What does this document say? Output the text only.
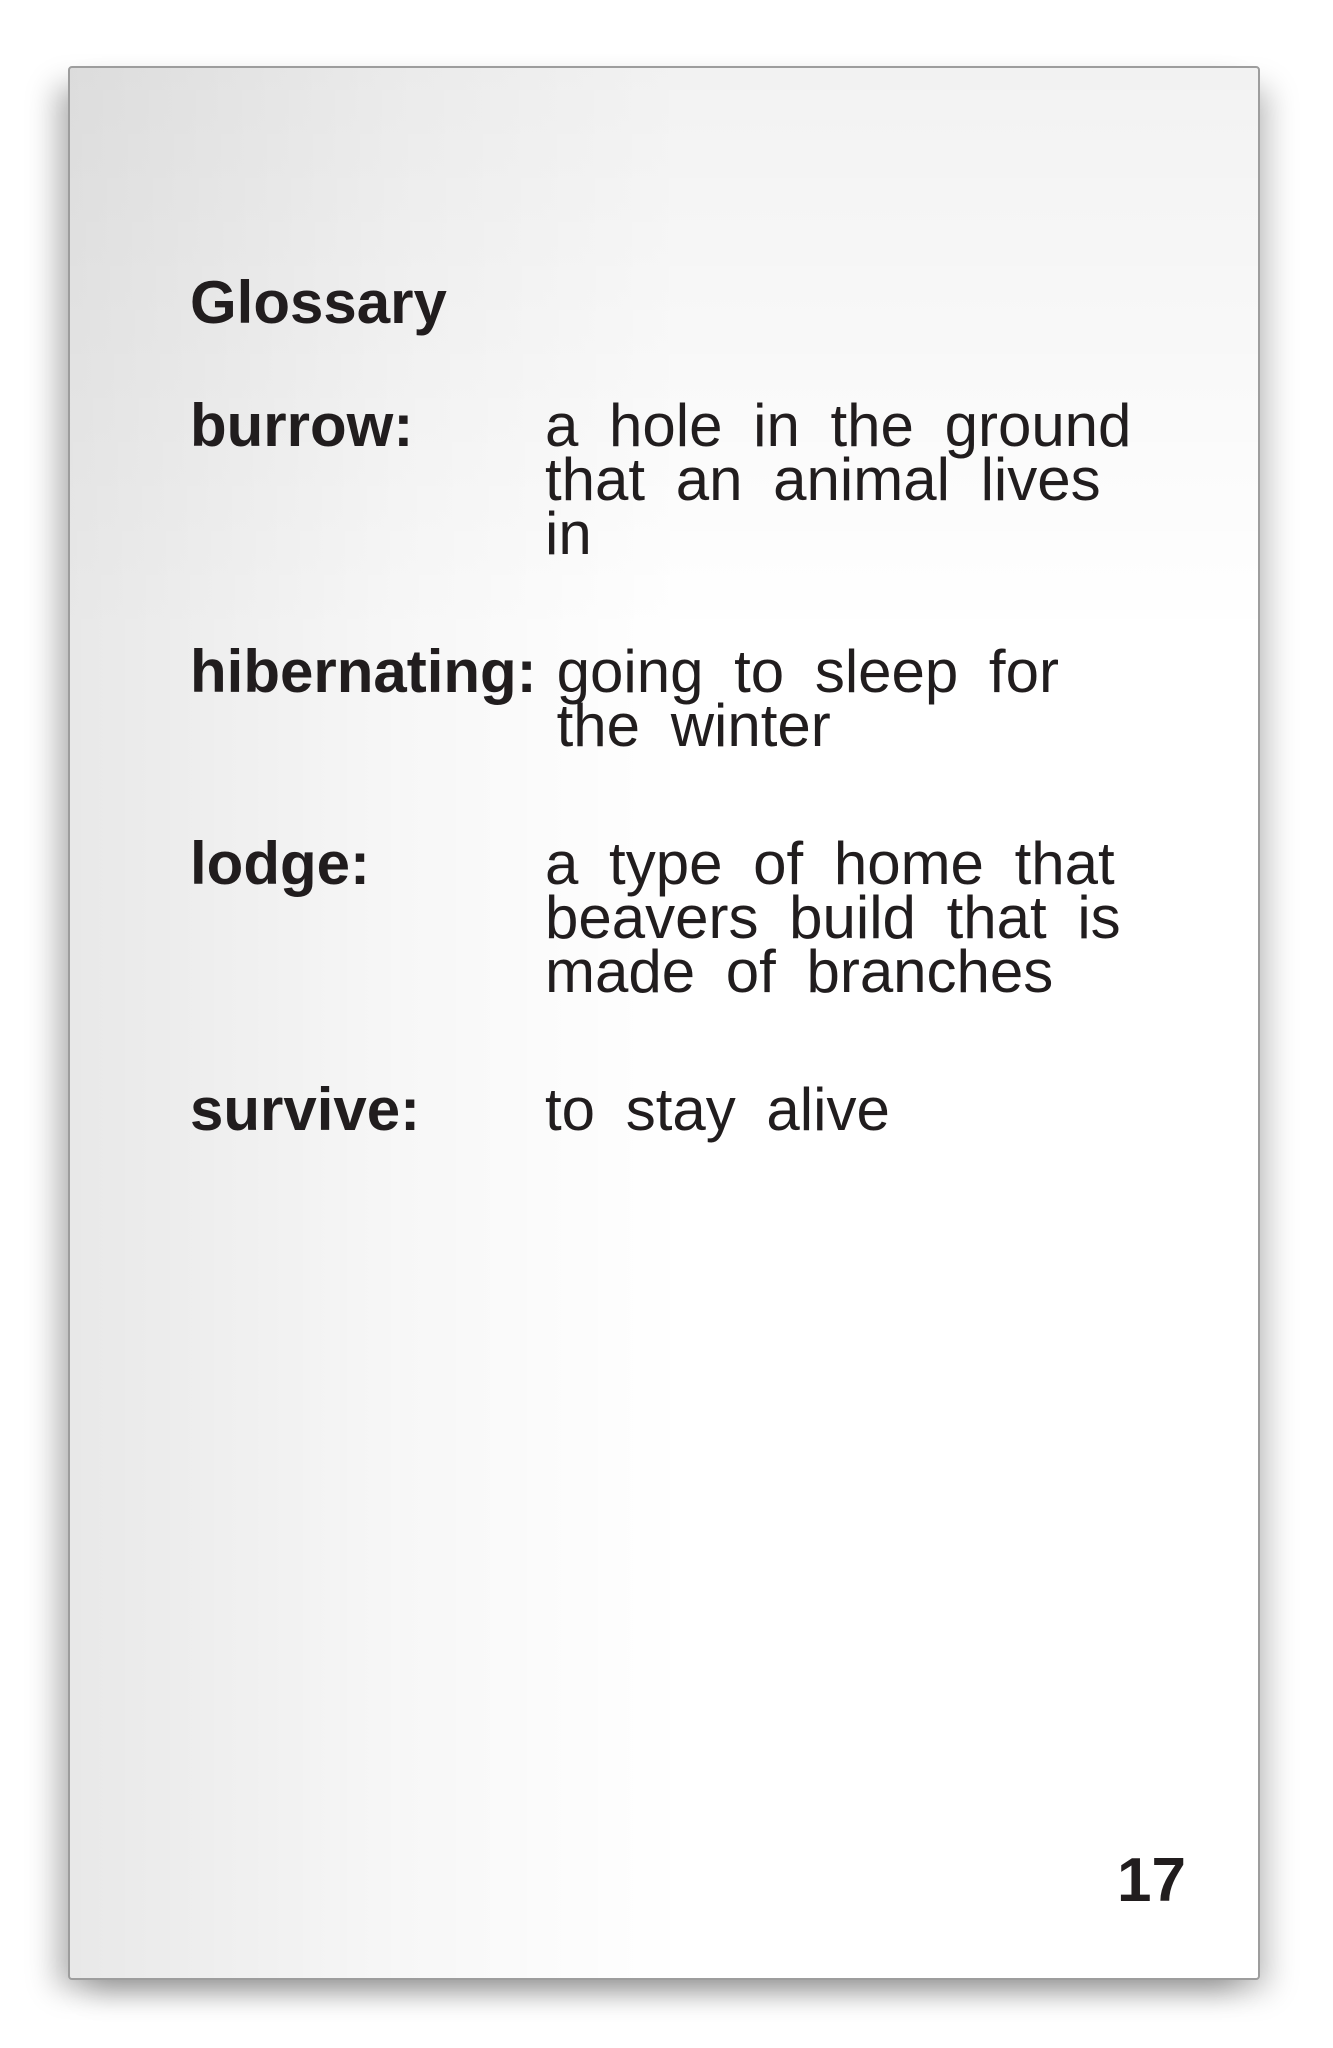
Glossary
burrow:	a hole in the ground
that an animal lives
in
hibernating: going to sleep for
the winter
lodge:	a type of home that
beavers build that is
made of branches
survive:	to stay alive
17
